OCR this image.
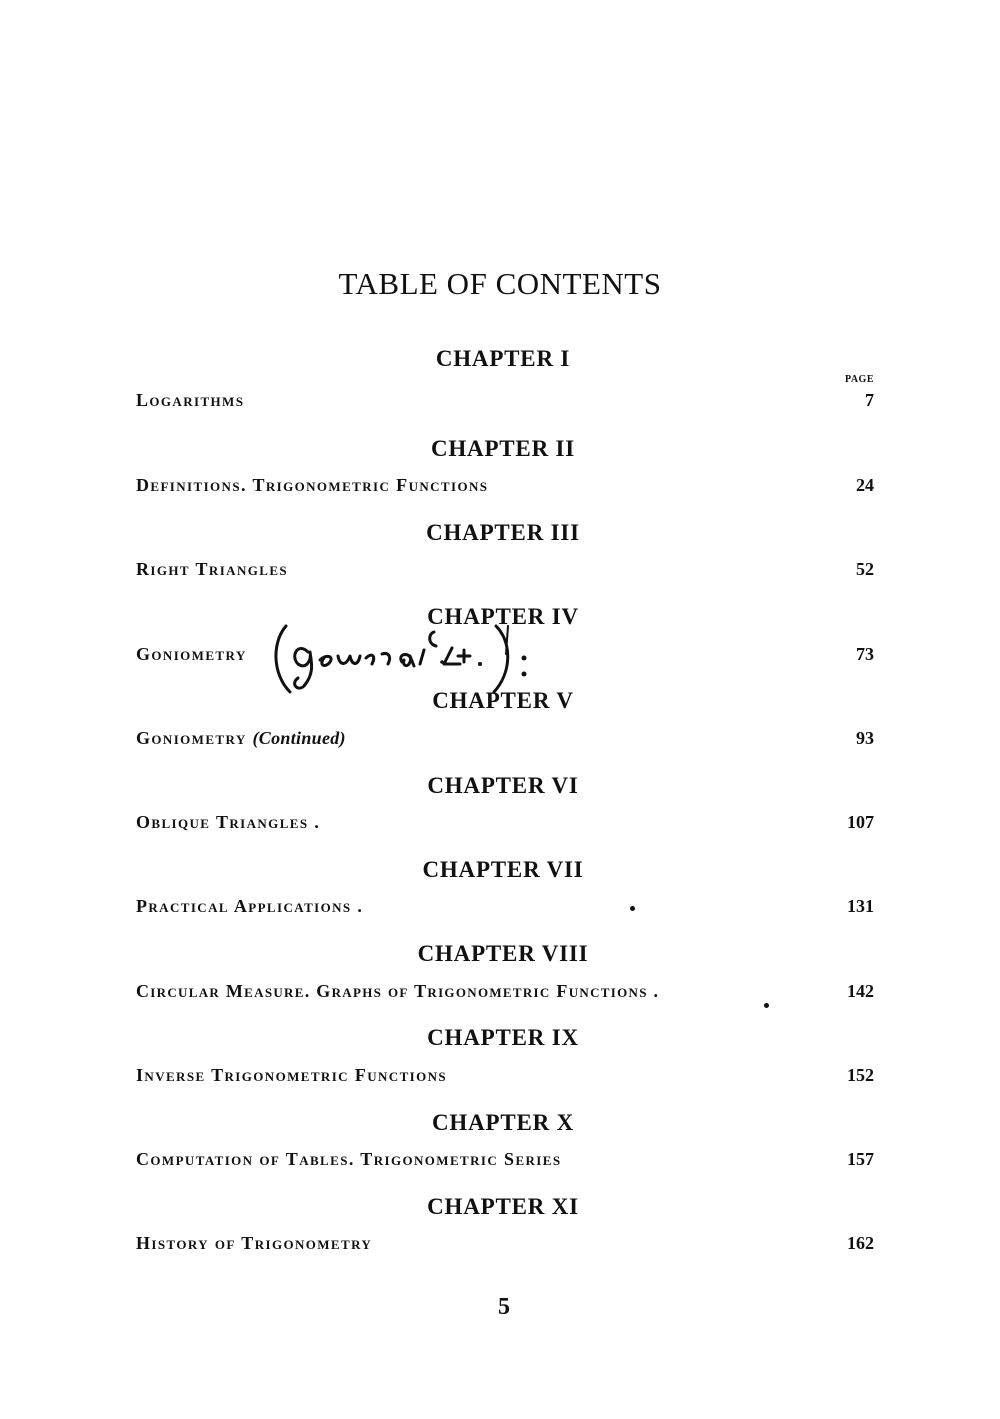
TABLE OF CONTENTS
CHAPTER I
PAGE
Logarithms	7
CHAPTER II
Definitions. Trigonometric Functions	24
CHAPTER III
Right Triangles	52
CHAPTER IV
Goniometry	73
CHAPTER V
Goniometry (Continued)	93
CHAPTER VI
Oblique Triangles .	107
CHAPTER VII
Practical Applications .	131
CHAPTER VIII
Circular Measure. Graphs of Trigonometric Functions .	142
CHAPTER IX
Inverse Trigonometric Functions	152
CHAPTER X
Computation of Tables. Trigonometric Series	157
CHAPTER XI
History of Trigonometry	162
5
